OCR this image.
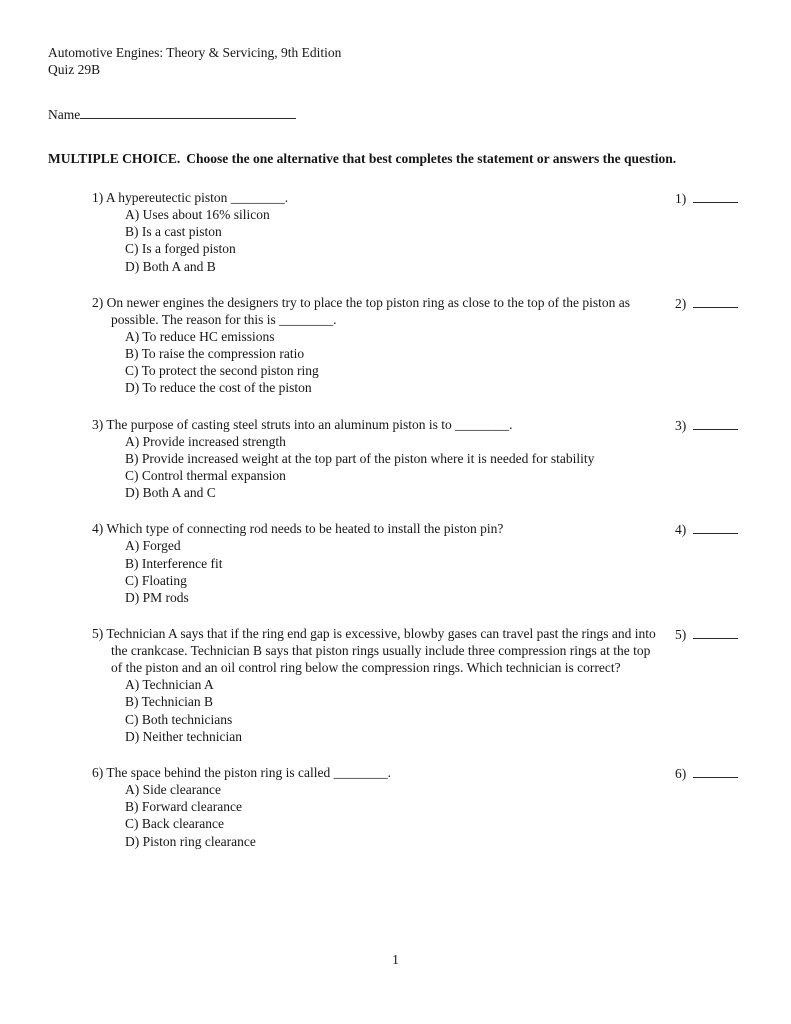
Automotive Engines: Theory & Servicing, 9th Edition

Quiz 29B

Name

MULTIPLE CHOICE. Choose the one alternative that best completes the statement or answers the question.

1) A hypereutectic piston ________.

A) Uses about 16% silicon

B) Is a cast piston

C) Is a forged piston

D) Both A and B

1)

2) On newer engines the designers try to place the top piston ring as close to the top of the piston as possible. The reason for this is ________.

A) To reduce HC emissions

B) To raise the compression ratio

C) To protect the second piston ring

D) To reduce the cost of the piston

2)

3) The purpose of casting steel struts into an aluminum piston is to ________.

A) Provide increased strength

B) Provide increased weight at the top part of the piston where it is needed for stability

C) Control thermal expansion

D) Both A and C

3)

4) Which type of connecting rod needs to be heated to install the piston pin?

A) Forged

B) Interference fit

C) Floating

D) PM rods

4)

5) Technician A says that if the ring end gap is excessive, blowby gases can travel past the rings and into the crankcase. Technician B says that piston rings usually include three compression rings at the top of the piston and an oil control ring below the compression rings. Which technician is correct?

A) Technician A

B) Technician B

C) Both technicians

D) Neither technician

5)

6) The space behind the piston ring is called ________.

A) Side clearance

B) Forward clearance

C) Back clearance

D) Piston ring clearance

6)

1
